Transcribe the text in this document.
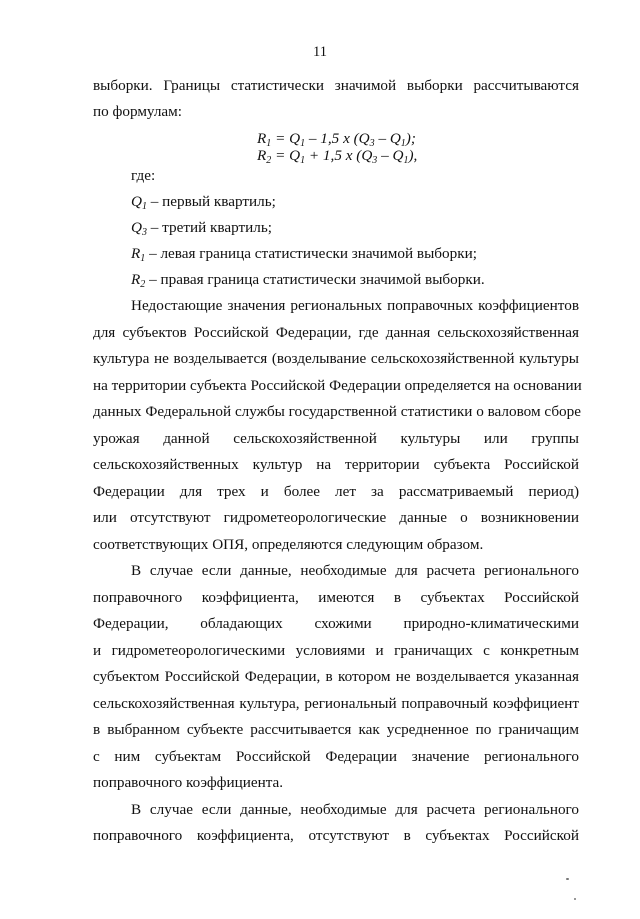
11
выборки. Границы статистически значимой выборки рассчитываются
по формулам:
$R_1 = Q_1 - 1,5$ x $(Q_3 - Q_1)$;
$R_2 = Q_1 + 1,5$ x $(Q_3 - Q_1)$,
где:
$Q_1$ – первый квартиль;
$Q_3$ – третий квартиль;
$R_1$ – левая граница статистически значимой выборки;
$R_2$ – правая граница статистически значимой выборки.
Недостающие значения региональных поправочных коэффициентов
для субъектов Российской Федерации, где данная сельскохозяйственная
культура не возделывается (возделывание сельскохозяйственной культуры
на территории субъекта Российской Федерации определяется на основании
данных Федеральной службы государственной статистики о валовом сборе
урожая данной сельскохозяйственной культуры или группы
сельскохозяйственных культур на территории субъекта Российской
Федерации для трех и более лет за рассматриваемый период)
или отсутствуют гидрометеорологические данные о возникновении
соответствующих ОПЯ, определяются следующим образом.
В случае если данные, необходимые для расчета регионального
поправочного коэффициента, имеются в субъектах Российской
Федерации, обладающих схожими природно-климатическими
и гидрометеорологическими условиями и граничащих с конкретным
субъектом Российской Федерации, в котором не возделывается указанная
сельскохозяйственная культура, региональный поправочный коэффициент
в выбранном субъекте рассчитывается как усредненное по граничащим
с ним субъектам Российской Федерации значение регионального
поправочного коэффициента.
В случае если данные, необходимые для расчета регионального
поправочного коэффициента, отсутствуют в субъектах Российской
